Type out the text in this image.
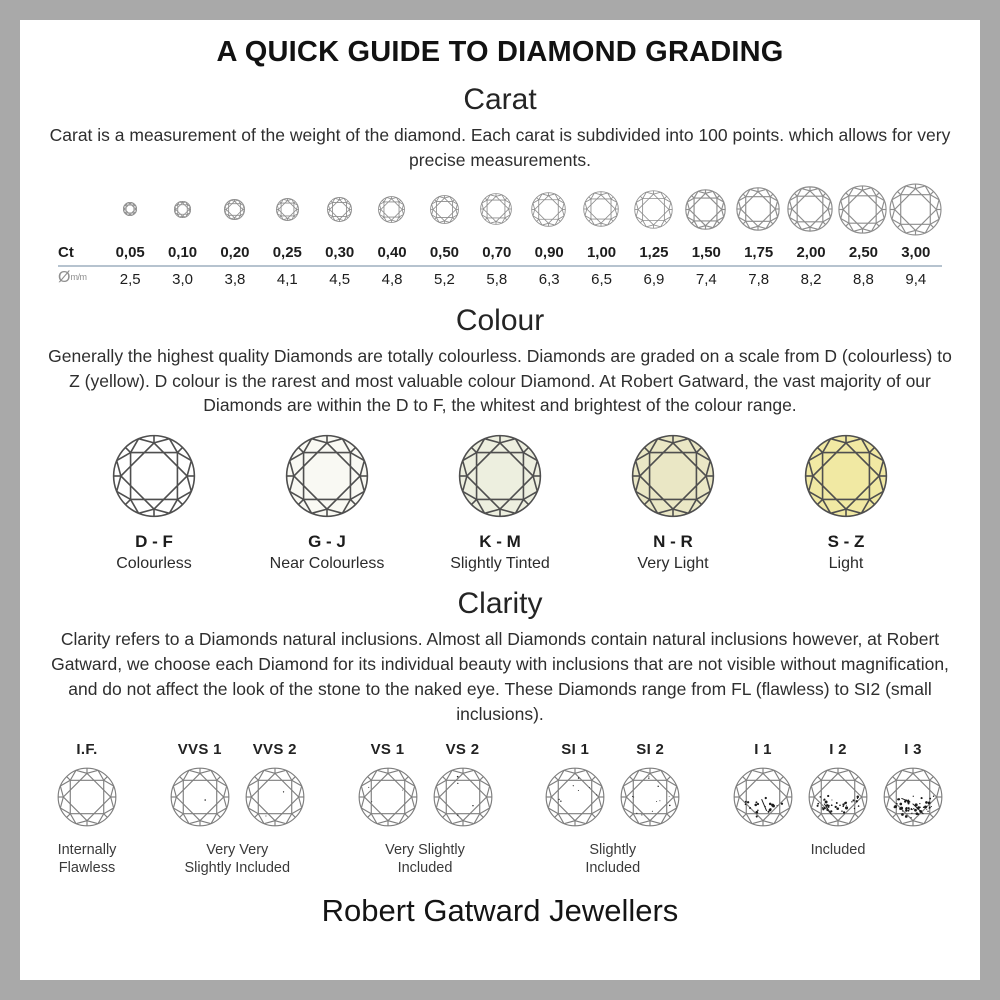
A QUICK GUIDE TO DIAMOND GRADING
Carat

Carat is a measurement of the weight of the diamond. Each carat is subdivided into 100 points. which allows for very precise measurements.

Ct	0,05 0,10 0,20 0,25 0,30 0,40 0,50 0,70 0,90 1,00 1,25 1,50 1,75 2,00 2,50 3,00
Øm/m 2,5 3,0 3,8 4,1 4,5 4,8 5,2 5,8 6,3 6,5 6,9 7,4 7,8 8,2 8,8 9,4
Colour

Generally the highest quality Diamonds are totally colourless. Diamonds are graded on a scale from D (colourless) to Z (yellow). D colour is the rarest and most valuable colour Diamond. At Robert Gatward, the vast majority of our Diamonds are within the D to F, the whitest and brightest of the colour range.

D - F
Colourless
G - J
Near Colourless
K - M
Slightly Tinted
N - R
Very Light
S - Z
Light
Clarity

Clarity refers to a Diamonds natural inclusions. Almost all Diamonds contain natural inclusions however, at Robert Gatward, we choose each Diamond for its individual beauty with inclusions that are not visible without magnification, and do not affect the look of the stone to the naked eye. These Diamonds range from FL (flawless) to SI2 (small inclusions).

I.F.
Internally
Flawless
VVS 1	VVS 2
Very Very
Slightly Included
VS 1	VS 2
Very Slightly
Included
SI 1	SI 2
Slightly
Included
I 1	I 2	I 3
Included
Robert Gatward Jewellers
